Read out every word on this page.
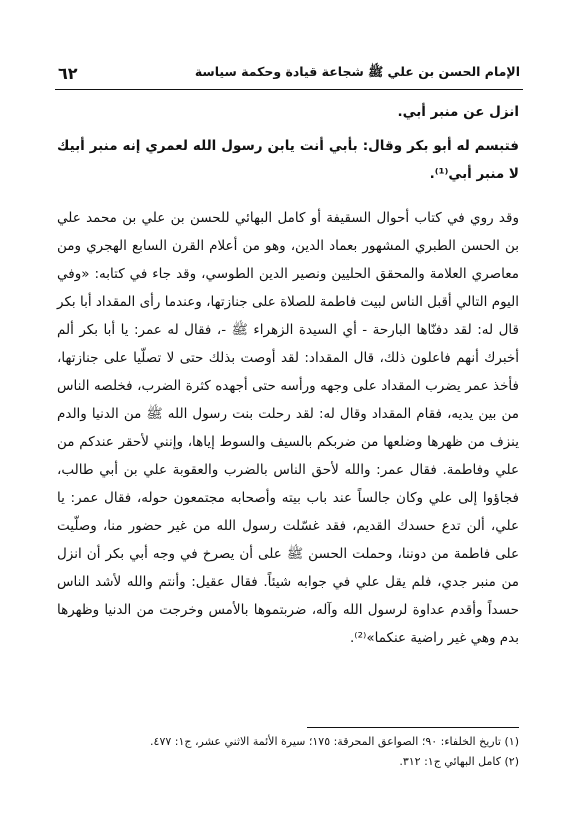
الإمام الحسن بن علي ﷺ شجاعة قيادة وحكمة سياسة
٦٢

انزل عن منبر أبي.

فتبسم له أبو بكر وقال: بأبي أنت يابن رسول الله لعمري إنه منبر أبيك لا منبر أبي⁽¹⁾.

وقد روي في كتاب أحوال السقيفة أو كامل البهائي للحسن بن علي بن محمد علي بن الحسن الطبري المشهور بعماد الدين، وهو من أعلام القرن السابع الهجري ومن معاصري العلامة والمحقق الحليين ونصير الدين الطوسي، وقد جاء في كتابه: «وفي اليوم التالي أقبل الناس لبيت فاطمة للصلاة على جنازتها، وعندما رأى المقداد أبا بكر قال له: لقد دفنّاها البارحة - أي السيدة الزهراء ﷺ -، فقال له عمر: يا أبا بكر ألم أخبرك أنهم فاعلون ذلك، قال المقداد: لقد أوصت بذلك حتى لا تصلّيا على جنازتها، فأخذ عمر يضرب المقداد على وجهه ورأسه حتى أجهده كثرة الضرب، فخلصه الناس من بين يديه، فقام المقداد وقال له: لقد رحلت بنت رسول الله ﷺ من الدنيا والدم ينزف من ظهرها وضلعها من ضربكم بالسيف والسوط إياها، وإنني لأحقر عندكم من علي وفاطمة. فقال عمر: والله لأحق الناس بالضرب والعقوبة علي بن أبي طالب، فجاؤوا إلى علي وكان جالساً عند باب بيته وأصحابه مجتمعون حوله، فقال عمر: يا علي، ألن تدع حسدك القديم، فقد غسّلت رسول الله من غير حضور منا، وصلّيت على فاطمة من دوننا، وحملت الحسن ﷺ على أن يصرخ في وجه أبي بكر أن انزل من منبر جدي، فلم يقل علي في جوابه شيئاً. فقال عقيل: وأنتم والله لأشد الناس حسداً وأقدم عداوة لرسول الله وآله، ضربتموها بالأمس وخرجت من الدنيا وظهرها بدم وهي غير راضية عنكما»⁽²⁾.

(١) تاريخ الخلفاء: ٩٠؛ الصواعق المحرقة: ١٧٥؛ سيرة الأئمة الاثني عشر، ج١: ٤٧٧.

(٢) كامل البهائي ج١: ٣١٢.
